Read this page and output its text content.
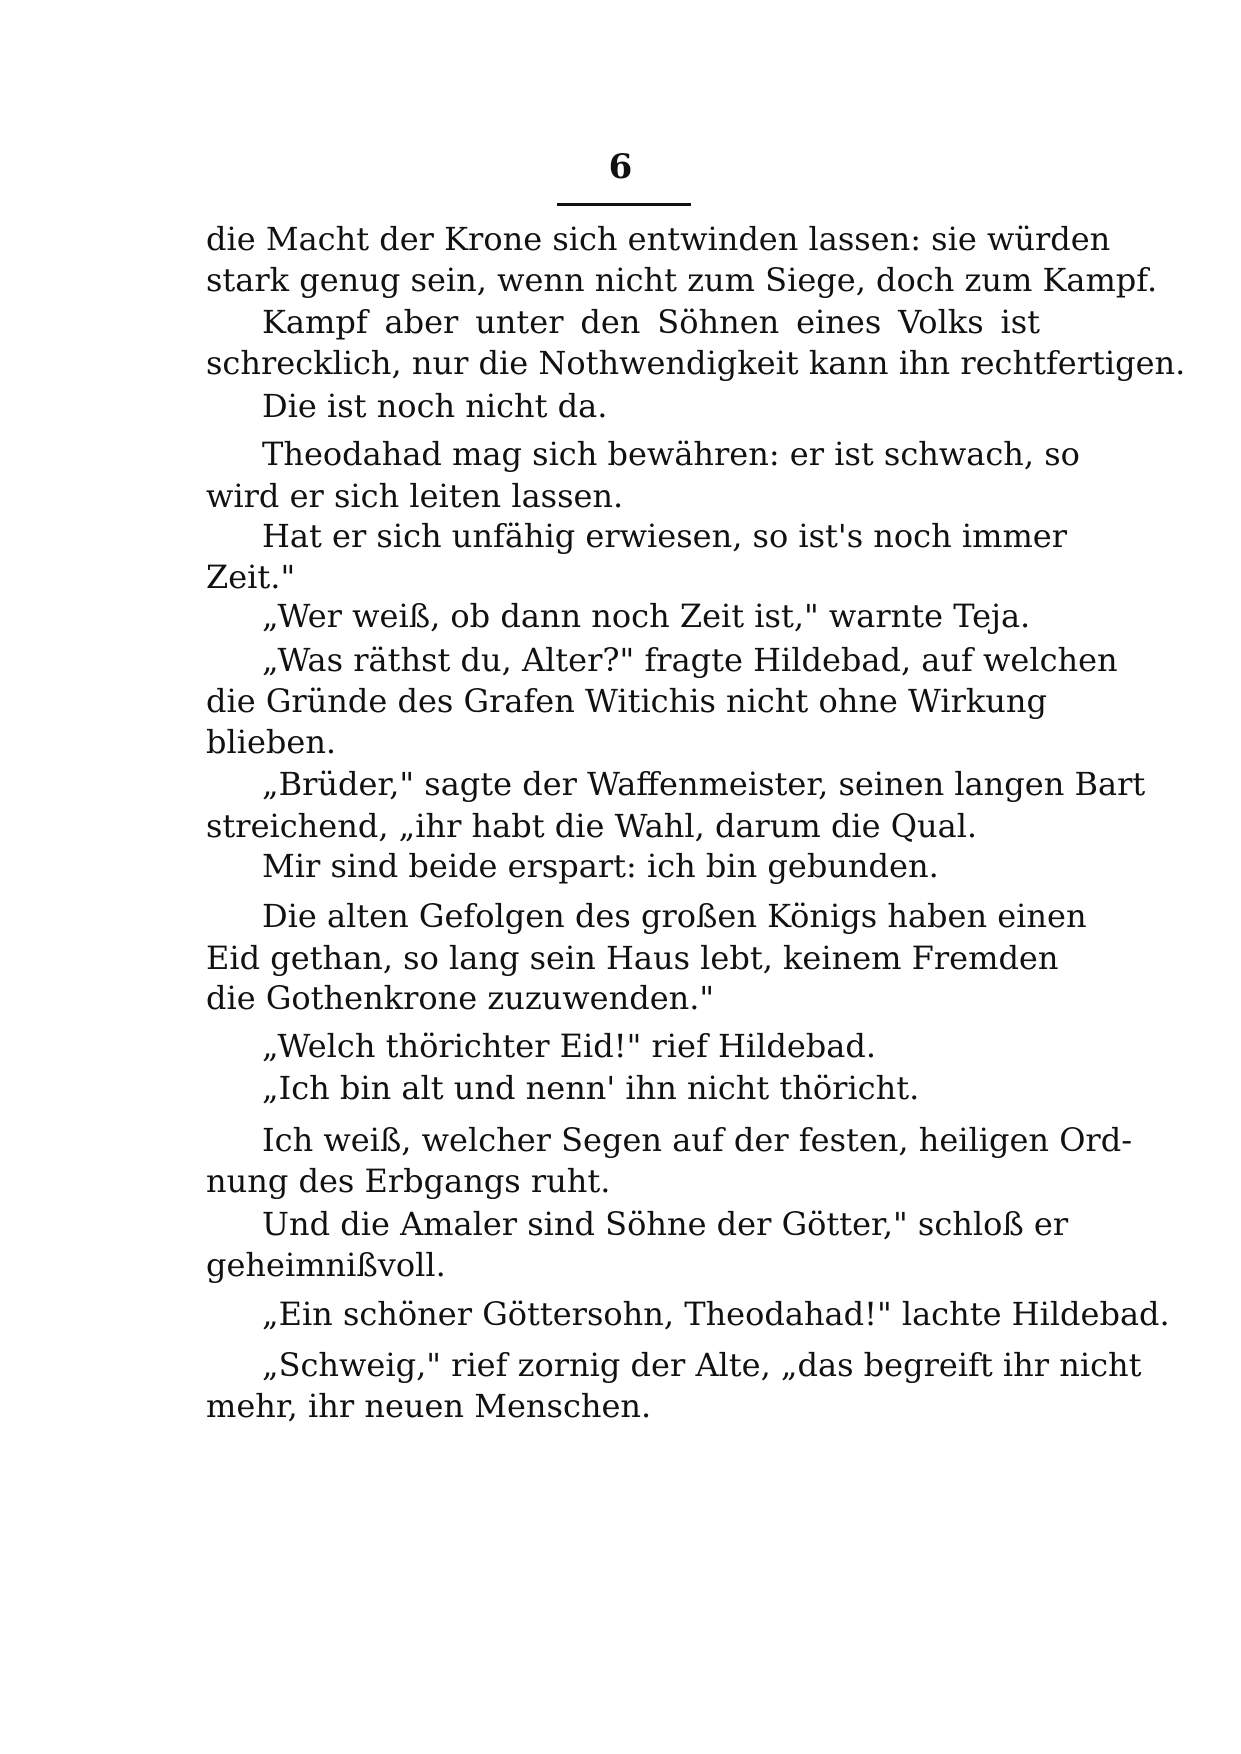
6
die Macht der Krone sich entwinden lassen: sie würden
stark genug sein, wenn nicht zum Siege, doch zum Kampf.
Kampf aber unter den Söhnen eines Volks ist
schrecklich, nur die Nothwendigkeit kann ihn rechtfertigen.
Die ist noch nicht da.
Theodahad mag sich bewähren: er ist schwach, so
wird er sich leiten lassen.
Hat er sich unfähig erwiesen, so ist's noch immer
Zeit."
„Wer weiß, ob dann noch Zeit ist," warnte Teja.
„Was räthst du, Alter?" fragte Hildebad, auf welchen
die Gründe des Grafen Witichis nicht ohne Wirkung
blieben.
„Brüder," sagte der Waffenmeister, seinen langen Bart
streichend, „ihr habt die Wahl, darum die Qual.
Mir sind beide erspart: ich bin gebunden.
Die alten Gefolgen des großen Königs haben einen
Eid gethan, so lang sein Haus lebt, keinem Fremden
die Gothenkrone zuzuwenden."
„Welch thörichter Eid!" rief Hildebad.
„Ich bin alt und nenn' ihn nicht thöricht.
Ich weiß, welcher Segen auf der festen, heiligen Ord-
nung des Erbgangs ruht.
Und die Amaler sind Söhne der Götter," schloß er
geheimnißvoll.
„Ein schöner Göttersohn, Theodahad!" lachte Hildebad.
„Schweig," rief zornig der Alte, „das begreift ihr nicht
mehr, ihr neuen Menschen.
